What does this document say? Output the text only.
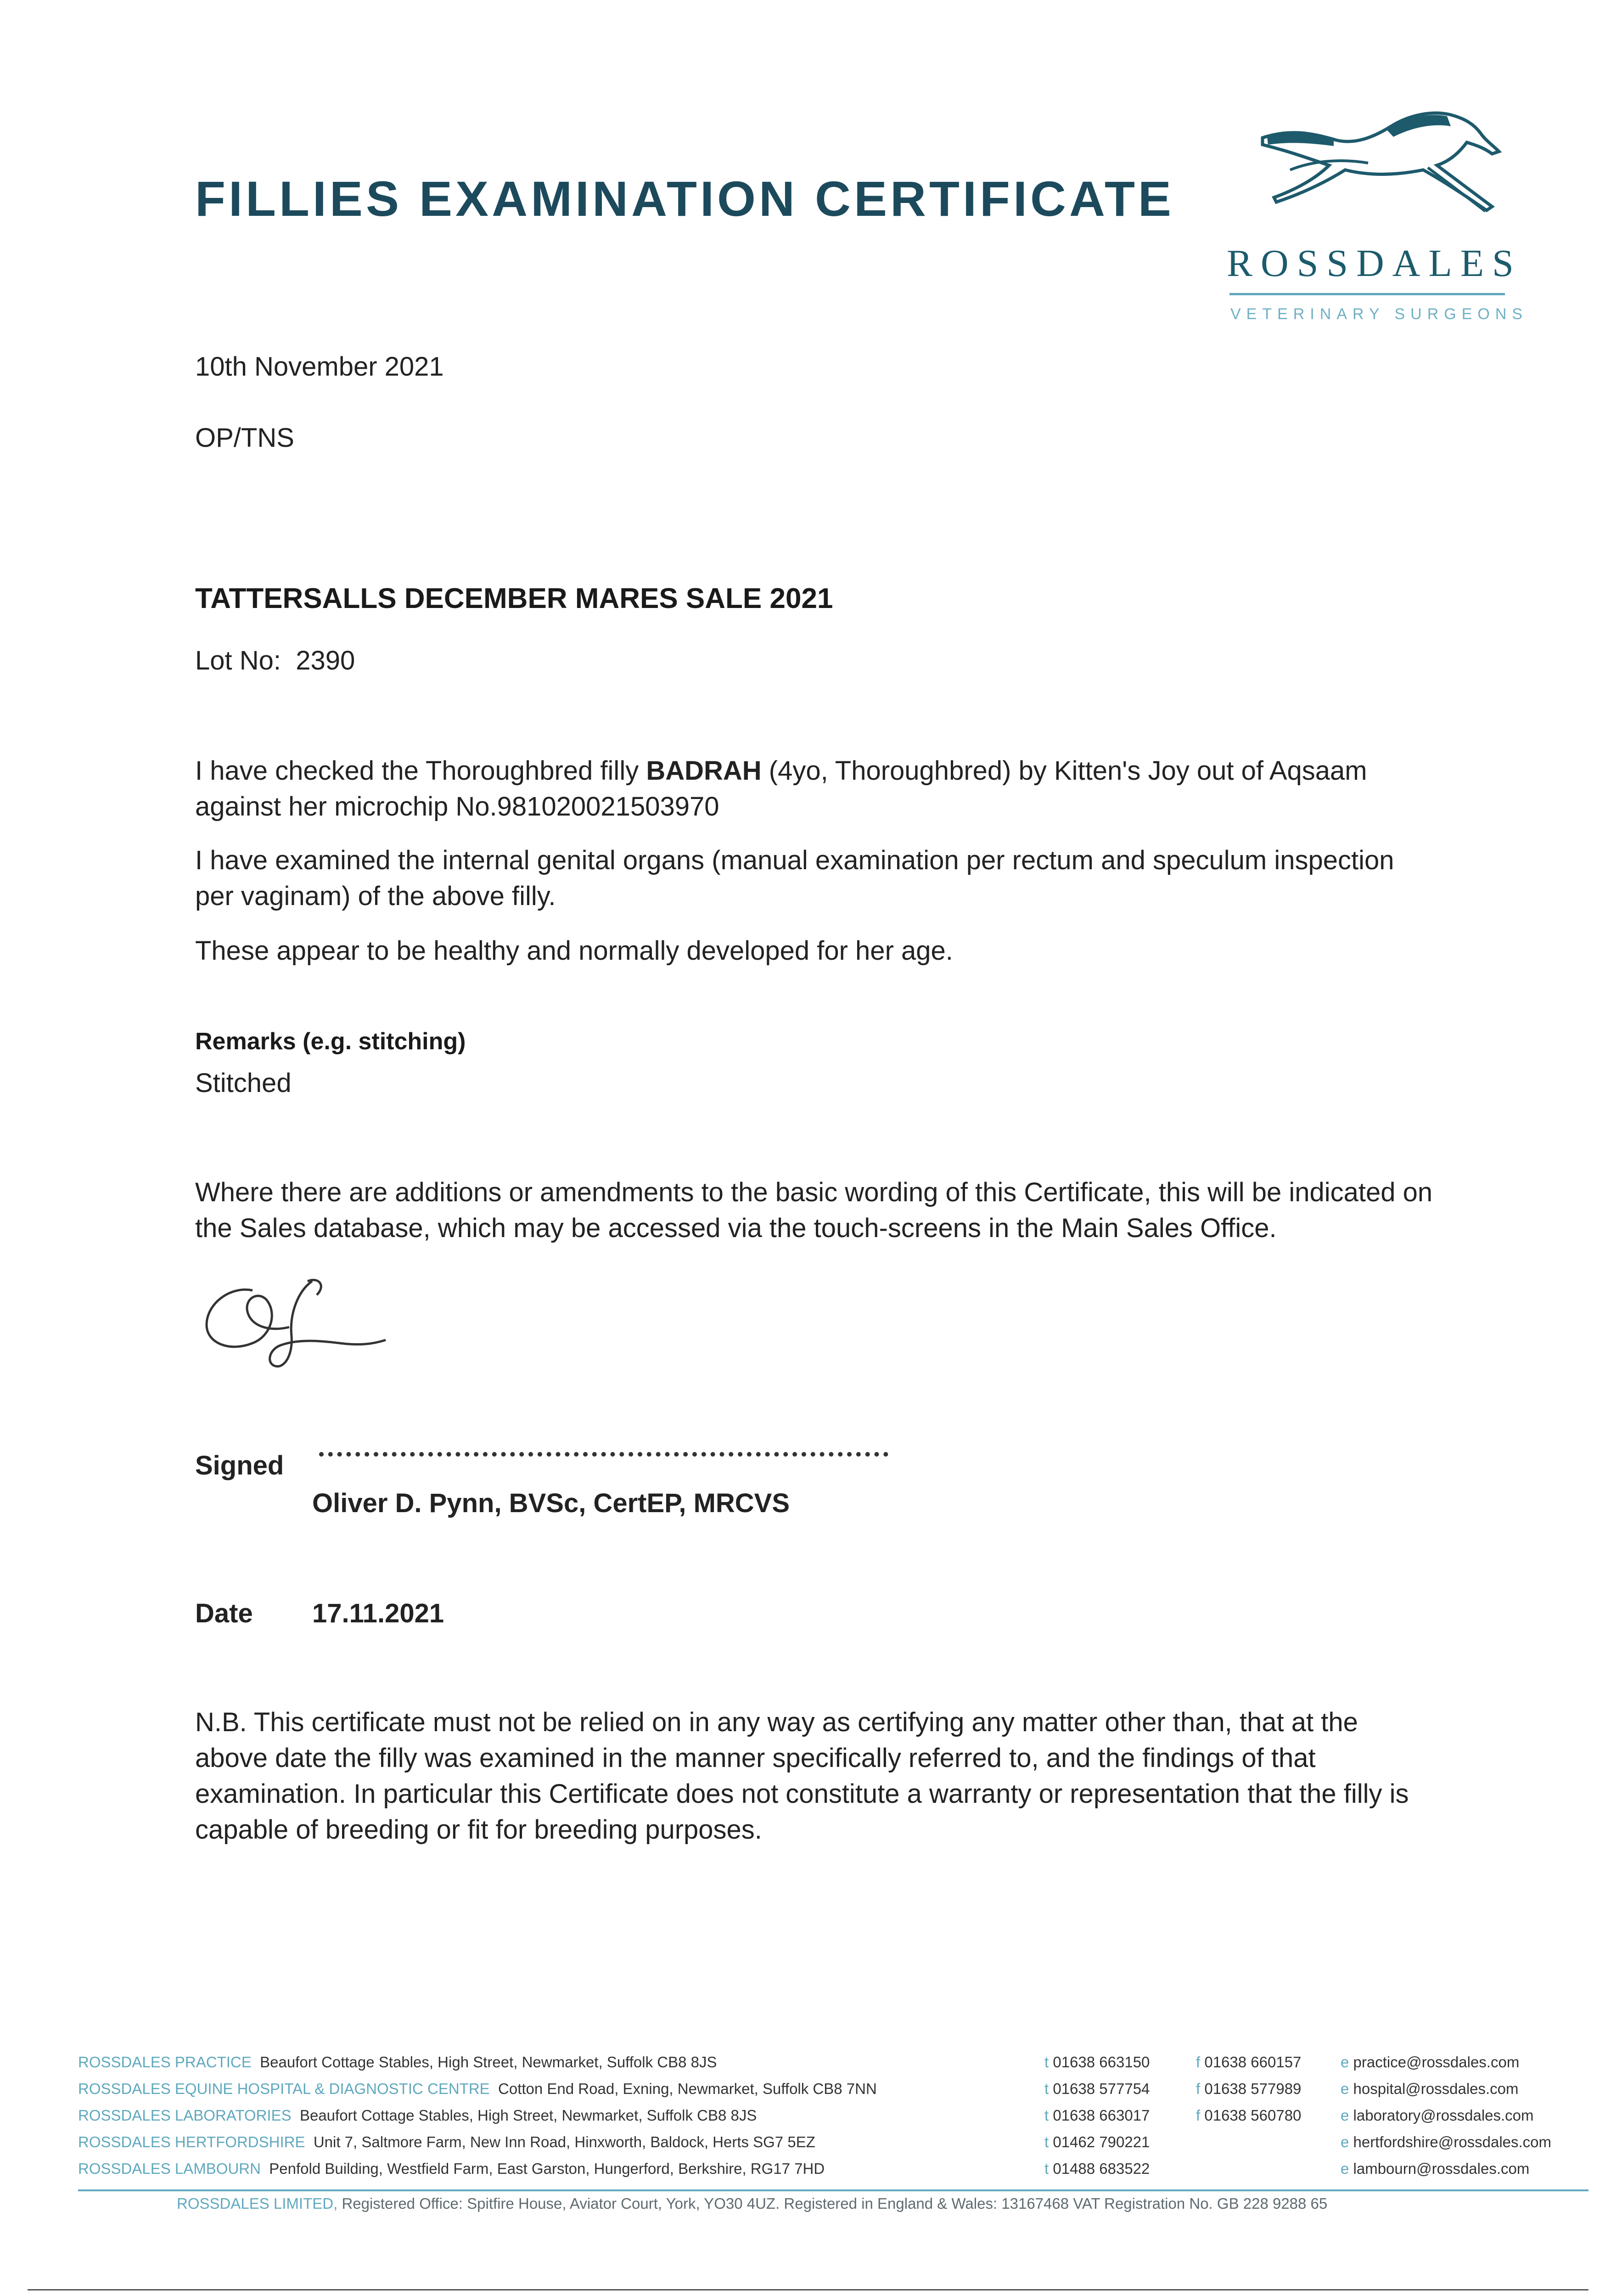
FILLIES EXAMINATION CERTIFICATE
ROSSDALES
VETERINARY SURGEONS
10th November 2021
OP/TNS
TATTERSALLS DECEMBER MARES SALE 2021
Lot No: 2390
I have checked the Thoroughbred filly BADRAH (4yo, Thoroughbred) by Kitten's Joy out of Aqsaam against her microchip No.981020021503970
I have examined the internal genital organs (manual examination per rectum and speculum inspection per vaginam) of the above filly.
These appear to be healthy and normally developed for her age.
Remarks (e.g. stitching)
Stitched
Where there are additions or amendments to the basic wording of this Certificate, this will be indicated on the Sales database, which may be accessed via the touch-screens in the Main Sales Office.
Signed
Oliver D. Pynn, BVSc, CertEP, MRCVS
Date 17.11.2021
N.B. This certificate must not be relied on in any way as certifying any matter other than, that at the above date the filly was examined in the manner specifically referred to, and the findings of that examination. In particular this Certificate does not constitute a warranty or representation that the filly is capable of breeding or fit for breeding purposes.
ROSSDALES PRACTICE Beaufort Cottage Stables, High Street, Newmarket, Suffolk CB8 8JS
ROSSDALES EQUINE HOSPITAL & DIAGNOSTIC CENTRE Cotton End Road, Exning, Newmarket, Suffolk CB8 7NN
ROSSDALES LABORATORIES Beaufort Cottage Stables, High Street, Newmarket, Suffolk CB8 8JS
ROSSDALES HERTFORDSHIRE Unit 7, Saltmore Farm, New Inn Road, Hinxworth, Baldock, Herts SG7 5EZ
ROSSDALES LAMBOURN Penfold Building, Westfield Farm, East Garston, Hungerford, Berkshire, RG17 7HD
t 01638 663150
t 01638 577754
t 01638 663017
t 01462 790221
t 01488 683522
f 01638 660157
f 01638 577989
f 01638 560780
e practice@rossdales.com
e hospital@rossdales.com
e laboratory@rossdales.com
e hertfordshire@rossdales.com
e lambourn@rossdales.com
ROSSDALES LIMITED, Registered Office: Spitfire House, Aviator Court, York, YO30 4UZ. Registered in England & Wales: 13167468 VAT Registration No. GB 228 9288 65
